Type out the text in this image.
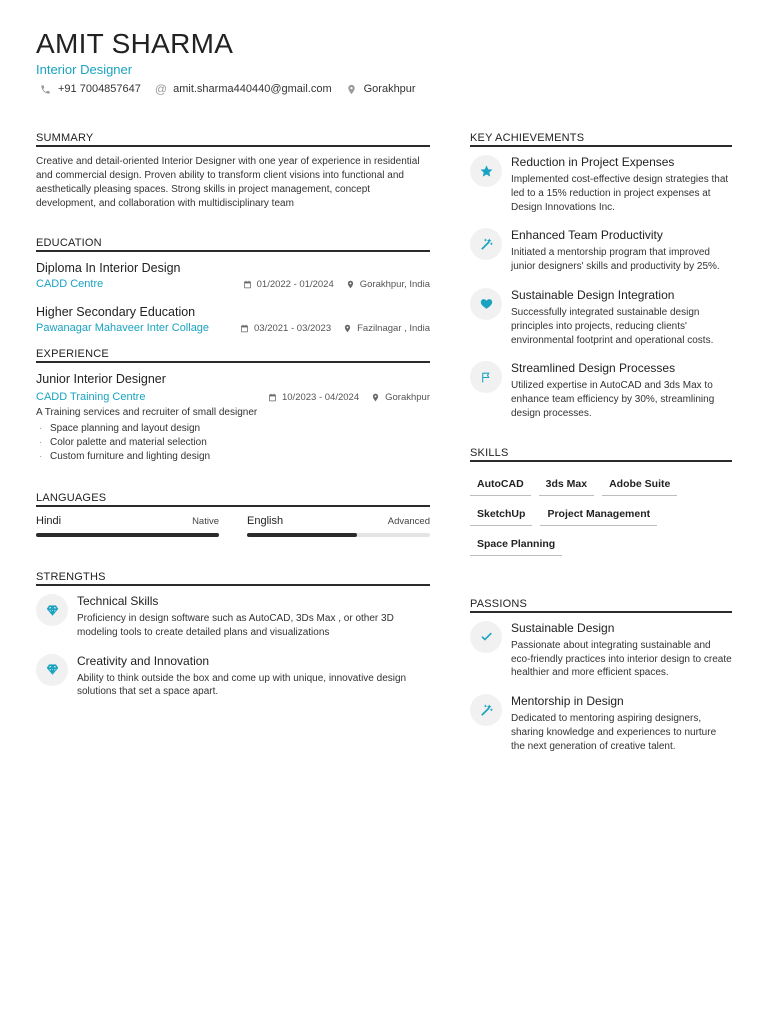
AMIT SHARMA
Interior Designer
+91 7004857647 @ amit.sharma440440@gmail.com	Gorakhpur
SUMMARY
Creative and detail-oriented Interior Designer with one year of experience in residential and commercial design. Proven ability to transform client visions into functional and aesthetically pleasing spaces. Strong skills in project management, concept development, and collaboration with multidisciplinary team
EDUCATION
Diploma In Interior Design
CADD Centre	01/2022 - 01/2024	Gorakhpur, India
Higher Secondary Education
Pawanagar Mahaveer Inter Collage	03/2021 - 03/2023	Fazilnagar , India
EXPERIENCE
Junior Interior Designer
CADD Training Centre	10/2023 - 04/2024	Gorakhpur
A Training services and recruiter of small designer
· Space planning and layout design
· Color palette and material selection
· Custom furniture and lighting design
LANGUAGES
Hindi	Native	English	Advanced
STRENGTHS
Technical Skills
Proficiency in design software such as AutoCAD, 3Ds Max , or other 3D modeling tools to create detailed plans and visualizations
Creativity and Innovation
Ability to think outside the box and come up with unique, innovative design solutions that set a space apart.
KEY ACHIEVEMENTS
Reduction in Project Expenses
Implemented cost-effective design strategies that led to a 15% reduction in project expenses at Design Innovations Inc.
Enhanced Team Productivity
Initiated a mentorship program that improved junior designers' skills and productivity by 25%.
Sustainable Design Integration
Successfully integrated sustainable design principles into projects, reducing clients' environmental footprint and operational costs.
Streamlined Design Processes
Utilized expertise in AutoCAD and 3ds Max to enhance team efficiency by 30%, streamlining design processes.
SKILLS
AutoCAD	3ds Max	Adobe Suite
SketchUp	Project Management
Space Planning
PASSIONS
Sustainable Design
Passionate about integrating sustainable and eco-friendly practices into interior design to create healthier and more efficient spaces.
Mentorship in Design
Dedicated to mentoring aspiring designers, sharing knowledge and experiences to nurture the next generation of creative talent.
